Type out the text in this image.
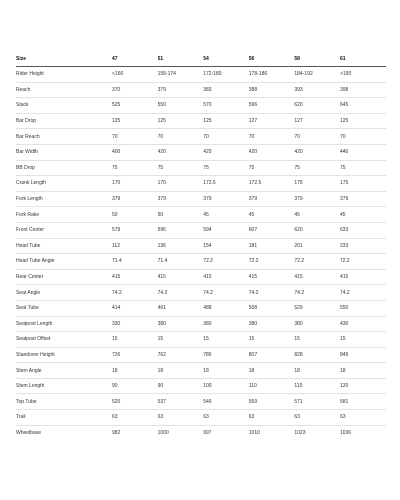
Size	47	51	54	56	58	61
Rider Height	<160	158-174	172-180	178-186	184-192	>190
Reach	370	379	383	388	393	398
Stack	525	550	570	596	620	645
Bar Drop	125	125	125	127	127	125
Bar Reach	70	70	70	70	70	70
Bar Width	400	420	420	420	420	440
BB Drop	75	75	75	75	75	75
Crank Length	170	170	172.5	172.5	175	175
Fork Length	379	379	379	379	379	379
Fork Rake	50	50	45	45	45	45
Front Center	579	596	594	607	620	633
Head Tube	112	136	154	181	201	233
Head Tube Angle	71.4	71.4	72.2	72.2	72.2	72.2
Rear Center	415	415	415	415	415	415
Seat Angle	74.2	74.2	74.2	74.2	74.2	74.2
Seat Tube	414	461	488	508	529	550
Seatpost Length	330	380	380	380	380	430
Seatpost Offset	15	15	15	15	15	15
Standover Height	726	762	786	807	828	849
Stem Angle	18	18	18	18	18	18
Stem Length	90	90	100	110	110	120
Top Tube	520	537	546	559	571	581
Trail	63	63	63	63	63	63
Wheelbase	982	1000	997	1010	1023	1036
